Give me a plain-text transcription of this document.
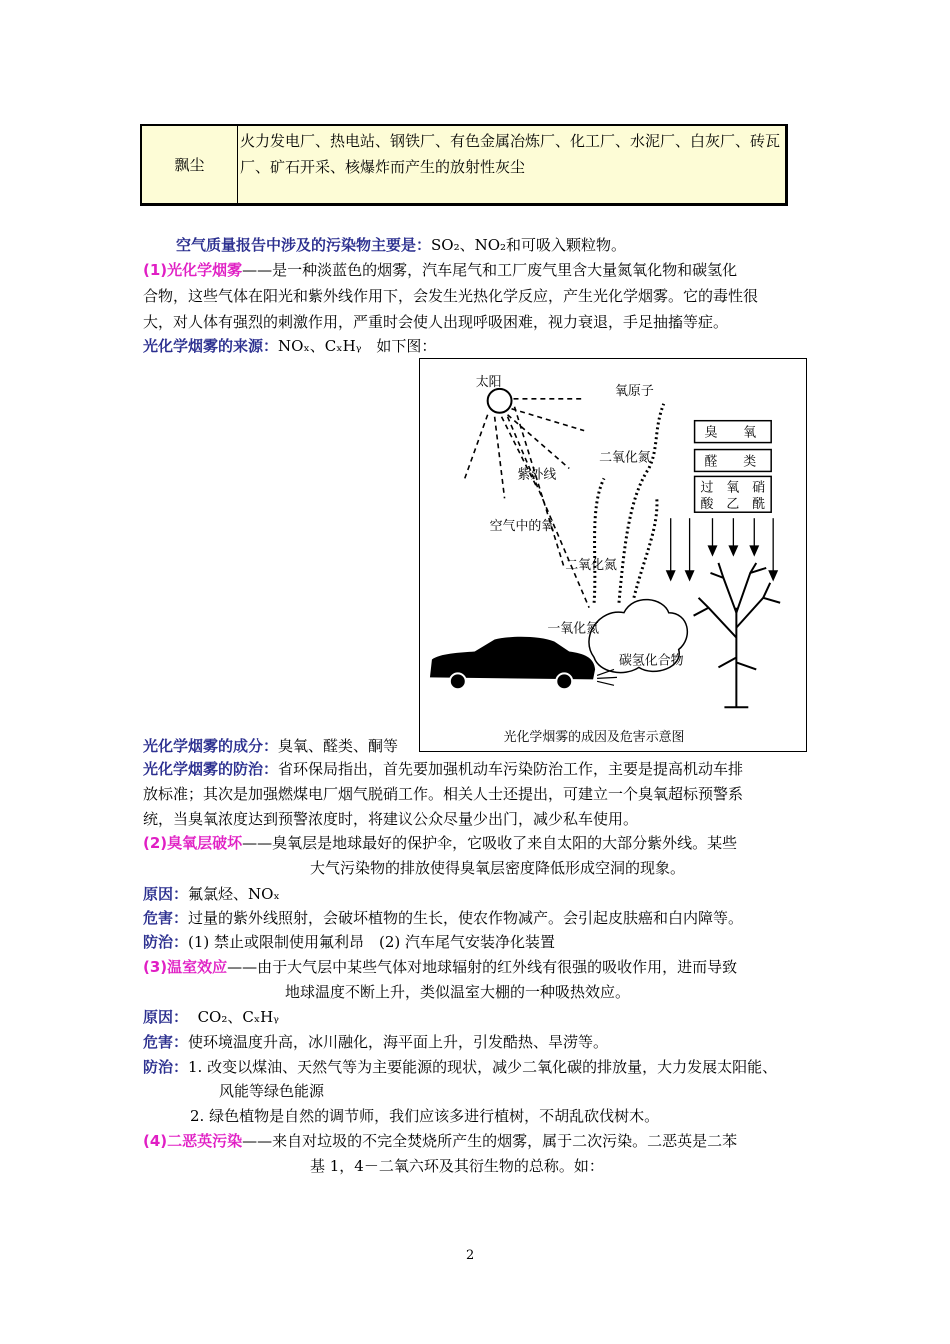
飘尘
火力发电厂、热电站、钢铁厂、有色金属冶炼厂、化工厂、水泥厂、白灰厂、砖瓦厂、矿石开采、核爆炸而产生的放射性灰尘
空气质量报告中涉及的污染物主要是：SO₂、NO₂和可吸入颗粒物。
(1)光化学烟雾——是一种淡蓝色的烟雾，汽车尾气和工厂废气里含大量氮氧化物和碳氢化
合物，这些气体在阳光和紫外线作用下，会发生光热化学反应，产生光化学烟雾。它的毒性很
大，对人体有强烈的刺激作用，严重时会使人出现呼吸困难，视力衰退，手足抽搐等症。
光化学烟雾的来源：NOₓ、CₓHᵧ　如下图：
太阳
氧原子
二氧化氮
紫外线
空气中的氧
二氧化氮
一氧化氮
碳氢化合物
臭　　氧
醛　　类
过　氧　硝
酸　乙　酰
光化学烟雾的成因及危害示意图
光化学烟雾的成分：臭氧、醛类、酮等
光化学烟雾的防治：省环保局指出，首先要加强机动车污染防治工作，主要是提高机动车排
放标准；其次是加强燃煤电厂烟气脱硝工作。相关人士还提出，可建立一个臭氧超标预警系
统，当臭氧浓度达到预警浓度时，将建议公众尽量少出门，减少私车使用。
(2)臭氧层破坏——臭氧层是地球最好的保护伞，它吸收了来自太阳的大部分紫外线。某些
大气污染物的排放使得臭氧层密度降低形成空洞的现象。
原因：氟氯烃、NOₓ
危害：过量的紫外线照射，会破坏植物的生长，使农作物减产。会引起皮肤癌和白内障等。
防治：(1) 禁止或限制使用氟利昂　(2) 汽车尾气安装净化装置
(3)温室效应——由于大气层中某些气体对地球辐射的红外线有很强的吸收作用，进而导致
地球温度不断上升，类似温室大棚的一种吸热效应。
原因： CO₂、CₓHᵧ
危害：使环境温度升高，冰川融化，海平面上升，引发酷热、旱涝等。
防治：1. 改变以煤油、天然气等为主要能源的现状，减少二氧化碳的排放量，大力发展太阳能、
风能等绿色能源
2. 绿色植物是自然的调节师，我们应该多进行植树，不胡乱砍伐树木。
(4)二恶英污染——来自对垃圾的不完全焚烧所产生的烟雾，属于二次污染。二恶英是二苯
基 1，4－二氧六环及其衍生物的总称。如：
2
